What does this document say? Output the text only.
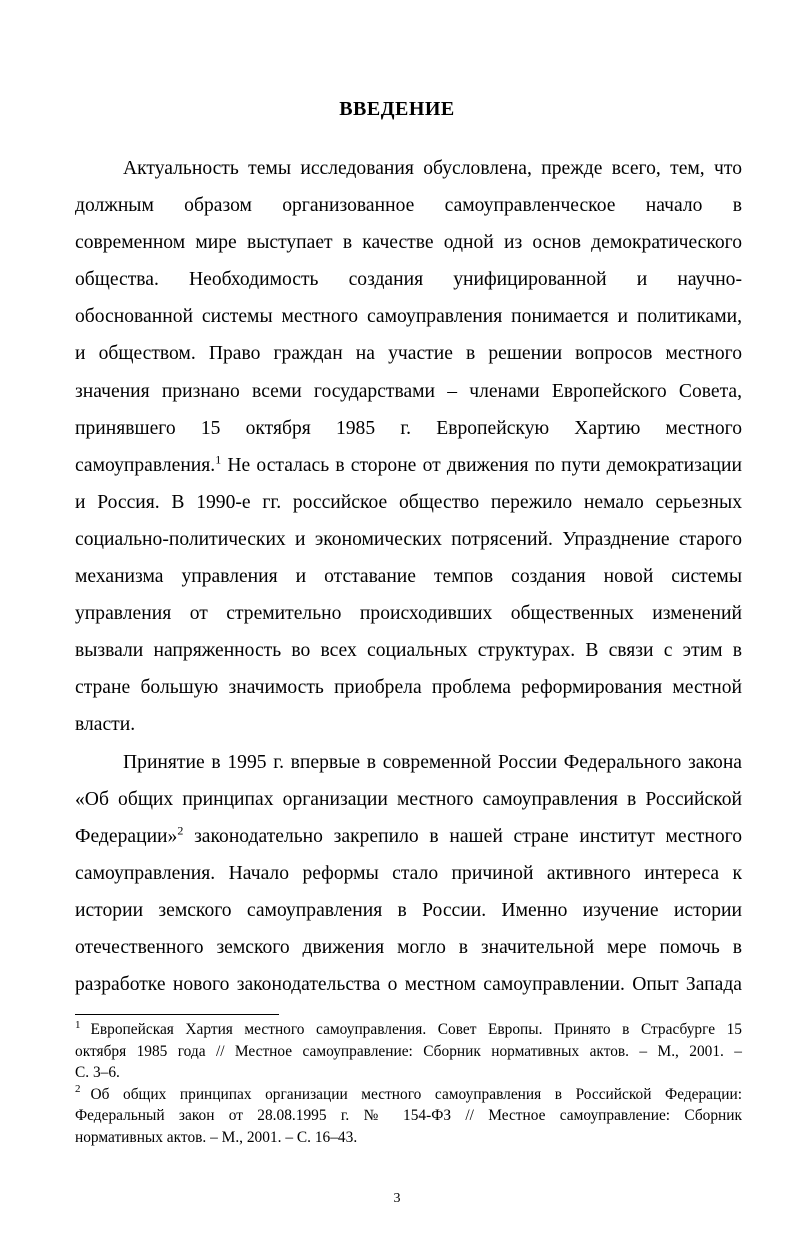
ВВЕДЕНИЕ
Актуальность темы исследования обусловлена, прежде всего, тем, что
должным образом организованное самоуправленческое начало в
современном мире выступает в качестве одной из основ демократического
общества. Необходимость создания унифицированной и научно-
обоснованной системы местного самоуправления понимается и политиками,
и обществом. Право граждан на участие в решении вопросов местного
значения признано всеми государствами – членами Европейского Совета,
принявшего 15 октября 1985 г. Европейскую Хартию местного
самоуправления.$^1$ Не осталась в стороне от движения по пути демократизации
и Россия. В 1990-е гг. российское общество пережило немало серьезных
социально-политических и экономических потрясений. Упразднение старого
механизма управления и отставание темпов создания новой системы
управления от стремительно происходивших общественных изменений
вызвали напряженность во всех социальных структурах. В связи с этим в
стране большую значимость приобрела проблема реформирования местной
власти.
Принятие в 1995 г. впервые в современной России Федерального закона
«Об общих принципах организации местного самоуправления в Российской
Федерации»$^2$ законодательно закрепило в нашей стране институт местного
самоуправления. Начало реформы стало причиной активного интереса к
истории земского самоуправления в России. Именно изучение истории
отечественного земского движения могло в значительной мере помочь в
разработке нового законодательства о местном самоуправлении. Опыт Запада
$^1$ Европейская Хартия местного самоуправления. Совет Европы. Принято в Страсбурге 15
октября 1985 года // Местное самоуправление: Сборник нормативных актов. – М., 2001. –
С. 3–6.
$^2$ Об общих принципах организации местного самоуправления в Российской Федерации:
Федеральный закон от 28.08.1995 г. № 154-ФЗ // Местное самоуправление: Сборник
нормативных актов. – М., 2001. – С. 16–43.
3
